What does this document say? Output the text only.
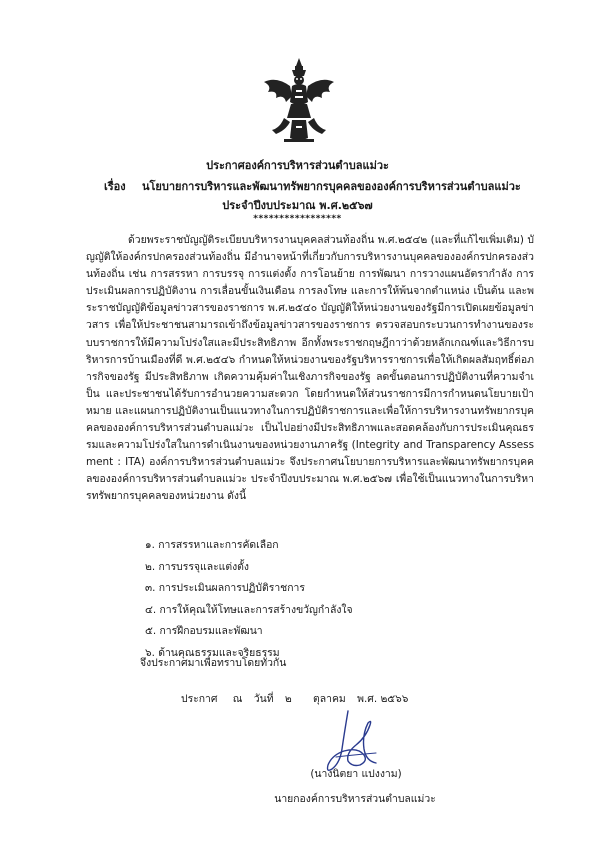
ประกาศองค์การบริหารส่วนตำบลแม่วะ
เรื่อง นโยบายการบริหารและพัฒนาทรัพยากรบุคคลขององค์การบริหารส่วนตำบลแม่วะ
ประจำปีงบประมาณ พ.ศ.๒๕๖๗
*****************
ด้วยพระราชบัญญัติระเบียบบริหารงานบุคคลส่วนท้องถิ่น พ.ศ.๒๕๔๒ (และที่แก้ไขเพิ่มเติม) บัญญัติให้องค์กรปกครองส่วนท้องถิ่น มีอำนาจหน้าที่เกี่ยวกับการบริหารงานบุคคลขององค์กรปกครองส่วนท้องถิ่น เช่น การสรรหา การบรรจุ การแต่งตั้ง การโอนย้าย การพัฒนา การวางแผนอัตรากำลัง การประเมินผลการปฏิบัติงาน การเลื่อนขั้นเงินเดือน การลงโทษ และการให้พ้นจากตำแหน่ง เป็นต้น และพระราชบัญญัติข้อมูลข่าวสารของราชการ พ.ศ.๒๕๔๐ บัญญัติให้หน่วยงานของรัฐมีการเปิดเผยข้อมูลข่าวสาร เพื่อให้ประชาชนสามารถเข้าถึงข้อมูลข่าวสารของราชการ ตรวจสอบกระบวนการทำงานของระบบราชการให้มีความโปร่งใสและมีประสิทธิภาพ อีกทั้งพระราชกฤษฎีกาว่าด้วยหลักเกณฑ์และวิธีการบริหารการบ้านเมืองที่ดี พ.ศ.๒๕๔๖ กำหนดให้หน่วยงานของรัฐบริหารราชการเพื่อให้เกิดผลสัมฤทธิ์ต่อภารกิจของรัฐ มีประสิทธิภาพ เกิดความคุ้มค่าในเชิงภารกิจของรัฐ ลดขั้นตอนการปฏิบัติงานที่ความจำเป็น และประชาชนได้รับการอำนวยความสะดวก โดยกำหนดให้ส่วนราชการมีการกำหนดนโยบายเป้าหมาย และแผนการปฏิบัติงานเป็นแนวทางในการปฏิบัติราชการและเพื่อให้การบริหารงานทรัพยากรบุคคลขององค์การบริหารส่วนตำบลแม่วะ เป็นไปอย่างมีประสิทธิภาพและสอดคล้องกับการประเมินคุณธรรมและความโปร่งใสในการดำเนินงานของหน่วยงานภาครัฐ (Integrity and Transparency Assessment : ITA) องค์การบริหารส่วนตำบลแม่วะ จึงประกาศนโยบายการบริหารและพัฒนาทรัพยากรบุคคลขององค์การบริหารส่วนตำบลแม่วะ ประจำปีงบประมาณ พ.ศ.๒๕๖๗ เพื่อใช้เป็นแนวทางในการบริหารทรัพยากรบุคคลของหน่วยงาน ดังนี้
๑. การสรรหาและการคัดเลือก
๒. การบรรจุและแต่งตั้ง
๓. การประเมินผลการปฏิบัติราชการ
๔. การให้คุณให้โทษและการสร้างขวัญกำลังใจ
๕. การฝึกอบรมและพัฒนา
๖. ด้านคุณธรรมและจริยธรรม
จึงประกาศมาเพื่อทราบโดยทั่วกัน
ประกาศ ณ วันที่ ๒ ตุลาคม พ.ศ. ๒๕๖๖
(นางนิตยา แปงงาม)
นายกองค์การบริหารส่วนตำบลแม่วะ
